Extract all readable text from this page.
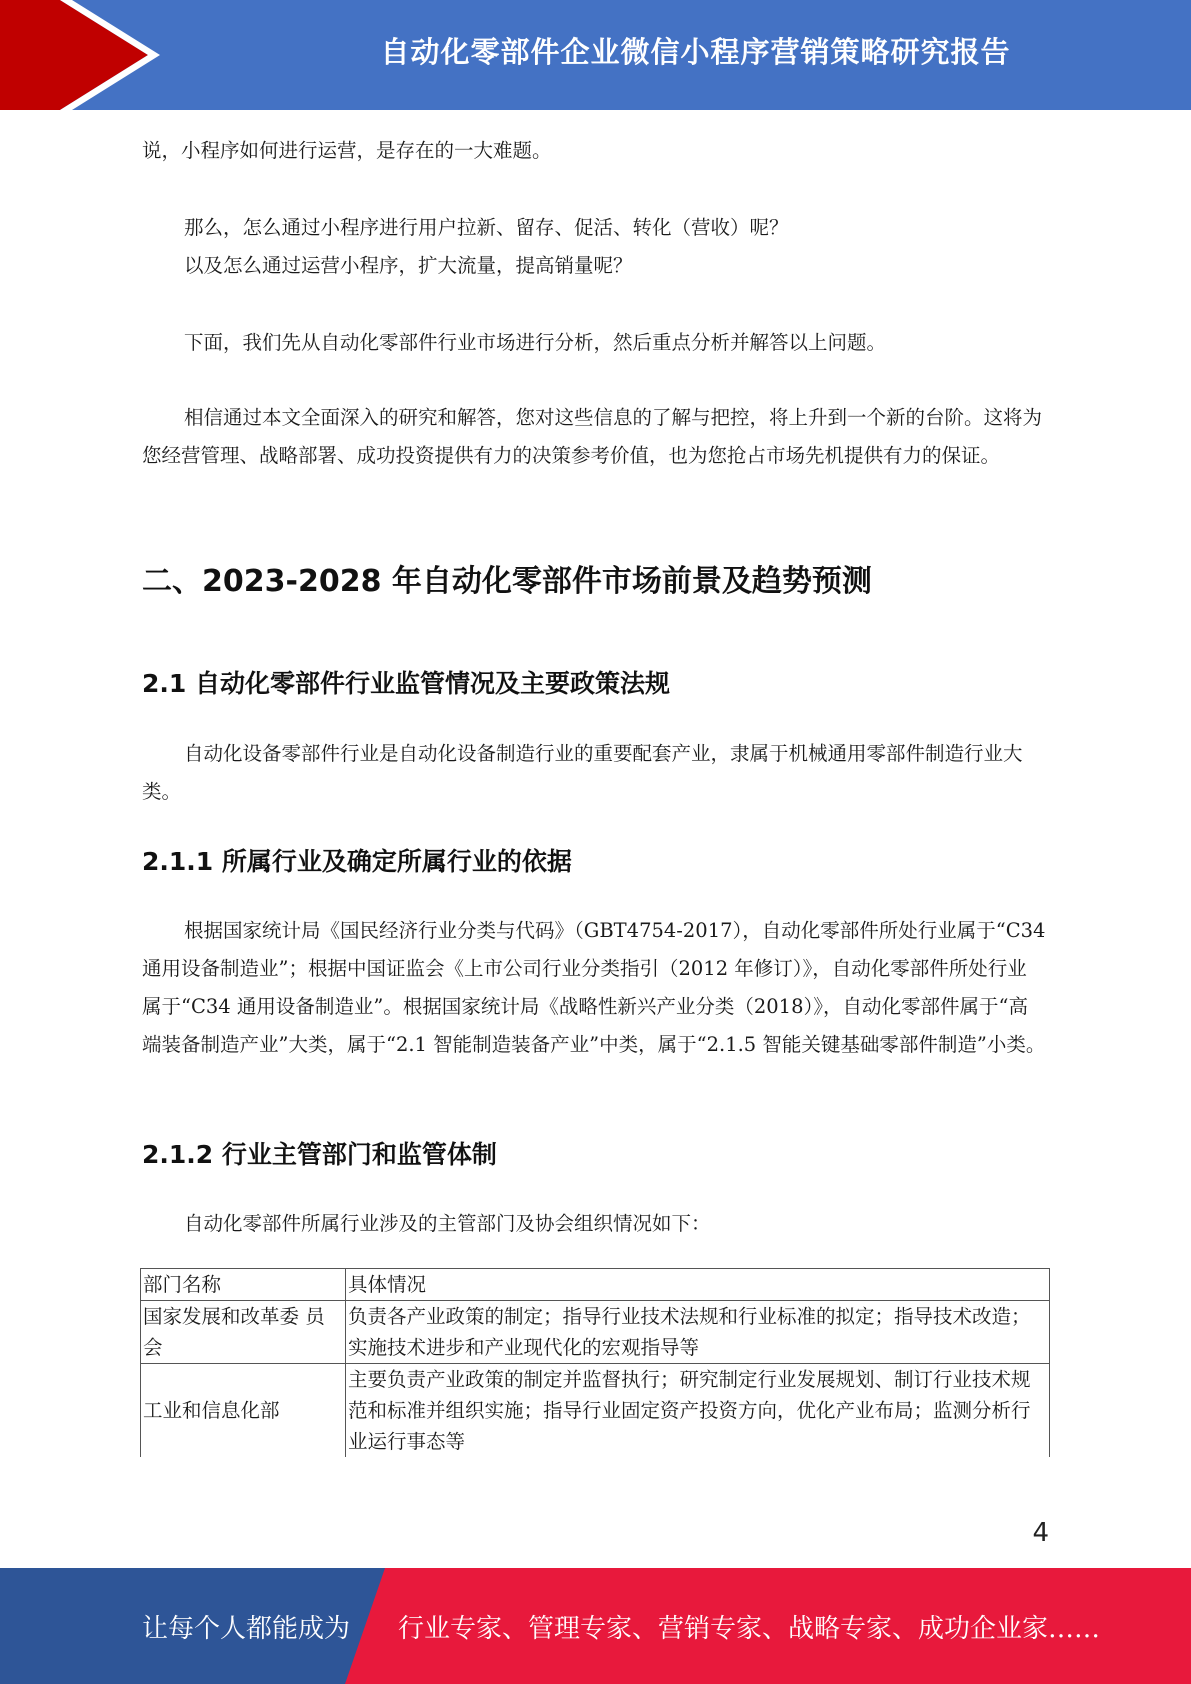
自动化零部件企业微信小程序营销策略研究报告

说，小程序如何进行运营，是存在的一大难题。

那么，怎么通过小程序进行用户拉新、留存、促活、转化（营收）呢？

以及怎么通过运营小程序，扩大流量，提高销量呢？

下面，我们先从自动化零部件行业市场进行分析，然后重点分析并解答以上问题。

相信通过本文全面深入的研究和解答，您对这些信息的了解与把控，将上升到一个新的台阶。这将为您经营管理、战略部署、成功投资提供有力的决策参考价值，也为您抢占市场先机提供有力的保证。

二、2023-2028 年自动化零部件市场前景及趋势预测
2.1 自动化零部件行业监管情况及主要政策法规

自动化设备零部件行业是自动化设备制造行业的重要配套产业，隶属于机械通用零部件制造行业大类。

2.1.1 所属行业及确定所属行业的依据

根据国家统计局《国民经济行业分类与代码》（GBT4754-2017），自动化零部件所处行业属于“C34 通用设备制造业”；根据中国证监会《上市公司行业分类指引（2012 年修订）》，自动化零部件所处行业属于“C34 通用设备制造业”。根据国家统计局《战略性新兴产业分类（2018）》，自动化零部件属于“高端装备制造产业”大类，属于“2.1 智能制造装备产业”中类，属于“2.1.5 智能关键基础零部件制造”小类。

2.1.2 行业主管部门和监管体制

自动化零部件所属行业涉及的主管部门及协会组织情况如下：

部门名称	具体情况
国家发展和改革委 员会	负责各产业政策的制定；指导行业技术法规和行业标准的拟定；指导技术改造；实施技术进步和产业现代化的宏观指导等
工业和信息化部	主要负责产业政策的制定并监督执行；研究制定行业发展规划、制订行业技术规范和标准并组织实施；指导行业固定资产投资方向，优化产业布局；监测分析行业运行事态等
4
让每个人都能成为 行业专家、管理专家、营销专家、战略专家、成功企业家……
